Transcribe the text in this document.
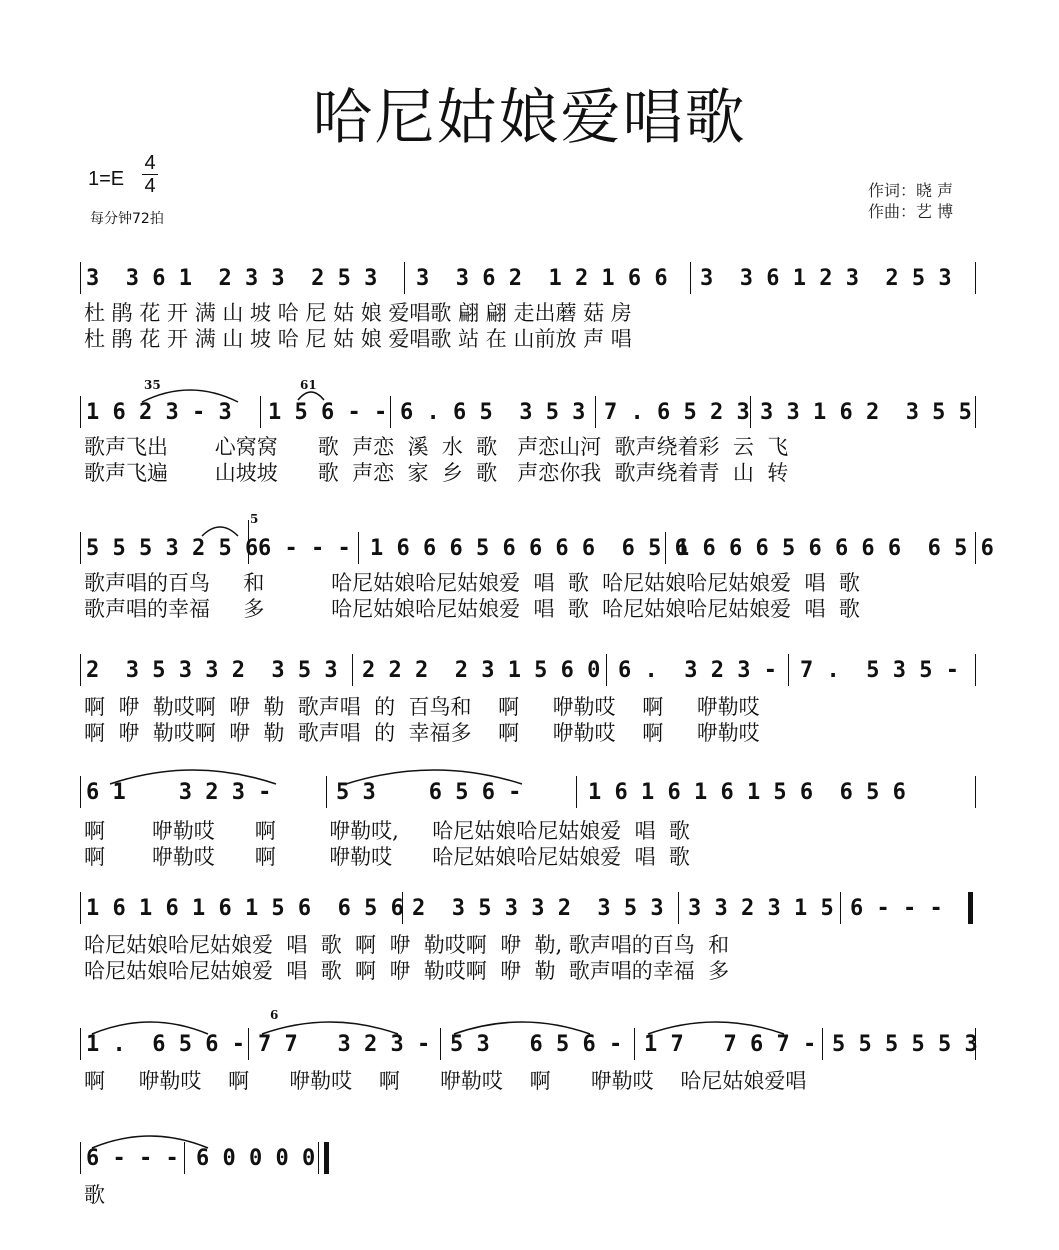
哈尼姑娘爱唱歌
1=E
4
4
每分钟72拍
作词：晓 声
作曲：艺 博
3  3 6 1  2 3 3  2 5 3 3  3 6 2  1 2 1 6 6 3  3 6 1 2 3  2 5 3
杜 鹃 花 开 满 山 坡 哈 尼 姑 娘 爱唱歌 翩 翩 走出蘑 菇 房
杜 鹃 花 开 满 山 坡 哈 尼 姑 娘 爱唱歌 站 在 山前放 声 唱
1 6 2 3 - 3 1 5 6 - - 6 . 6 5  3 5 3 7 . 6 5 2 3 3 3 1 6 2  3 5 5
35	61
歌声飞出       心窝窝      歌  声恋  溪  水  歌   声恋山河  歌声绕着彩  云  飞
歌声飞遍       山坡坡      歌  声恋  家  乡  歌   声恋你我  歌声绕着青  山  转
5 5 5 3 2 5 6 6 - - - 1 6 6 6 5 6 6 6 6  6 5 6
1 6 6 6 5 6 6 6 6  6 5 6
5
歌声唱的百鸟     和          哈尼姑娘哈尼姑娘爱  唱  歌  哈尼姑娘哈尼姑娘爱  唱  歌
歌声唱的幸福     多          哈尼姑娘哈尼姑娘爱  唱  歌  哈尼姑娘哈尼姑娘爱  唱  歌
2  3 5 3 3 2  3 5 3 2 2 2  2 3 1 5 6 0 6 .  3 2 3 - 7 .  5 3 5 -
啊  咿  勒哎啊  咿  勒  歌声唱  的  百鸟和    啊     咿勒哎    啊     咿勒哎
啊  咿  勒哎啊  咿  勒  歌声唱  的  幸福多    啊     咿勒哎    啊     咿勒哎
6 1    3 2 3 -	5 3    6 5 6 -	1 6 1 6 1 6 1 5 6  6 5 6
啊       咿勒哎      啊        咿勒哎,     哈尼姑娘哈尼姑娘爱  唱  歌
啊       咿勒哎      啊        咿勒哎      哈尼姑娘哈尼姑娘爱  唱  歌
1 6 1 6 1 6 1 5 6  6 5 6 2  3 5 3 3 2  3 5 3 3 3 2 3 1 5 6 - - -
哈尼姑娘哈尼姑娘爱  唱  歌  啊  咿  勒哎啊  咿  勒, 歌声唱的百鸟  和
哈尼姑娘哈尼姑娘爱  唱  歌  啊  咿  勒哎啊  咿  勒  歌声唱的幸福  多
1 .  6 5 6 - 7 7   3 2 3 - 5 3   6 5 6 - 1 7   7 6 7 - 5 5 5 5 5 3
6
啊     咿勒哎    啊      咿勒哎    啊      咿勒哎    啊      咿勒哎    哈尼姑娘爱唱
6 - - - 6 0 0 0 0
歌
